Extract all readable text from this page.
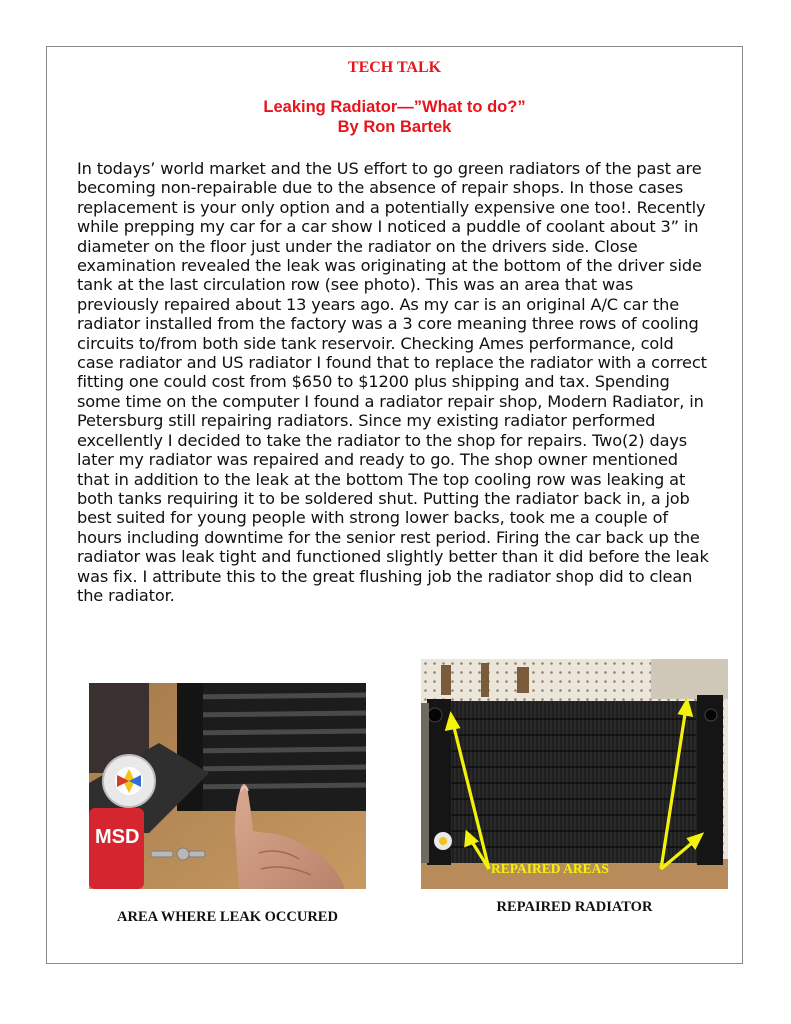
TECH TALK
Leaking Radiator—”What to do?”
By Ron Bartek

In todays’ world market and the US effort to go green radiators of the past are becoming non-repairable due to the absence of repair shops. In those cases replacement is your only option and a potentially expensive one too!. Recently while prepping my car for a car show I noticed a puddle of coolant about 3” in diameter on the floor just under the radiator on the drivers side. Close examination revealed the leak was originating at the bottom of the driver side tank at the last circulation row (see photo). This was an area that was previously repaired about 13 years ago. As my car is an original A/C car the radiator installed from the factory was a 3 core meaning three rows of cooling circuits to/from both side tank reservoir. Checking Ames performance, cold case radiator and US radiator I found that to replace the radiator with a correct fitting one could cost from $650 to $1200 plus shipping and tax. Spending some time on the computer I found a radiator repair shop, Modern Radiator, in Petersburg still repairing radiators. Since my existing radiator performed excellently I decided to take the radiator to the shop for repairs. Two(2) days later my radiator was repaired and ready to go. The shop owner mentioned that in addition to the leak at the bottom The top cooling row was leaking at both tanks requiring it to be soldered shut. Putting the radiator back in, a job best suited for young people with strong lower backs, took me a couple of hours including downtime for the senior rest period. Firing the car back up the radiator was leak tight and functioned slightly better than it did before the leak was fix. I attribute this to the great flushing job the radiator shop did to clean the radiator.

MSD
REPAIRED AREAS
AREA WHERE LEAK OCCURED
REPAIRED RADIATOR
